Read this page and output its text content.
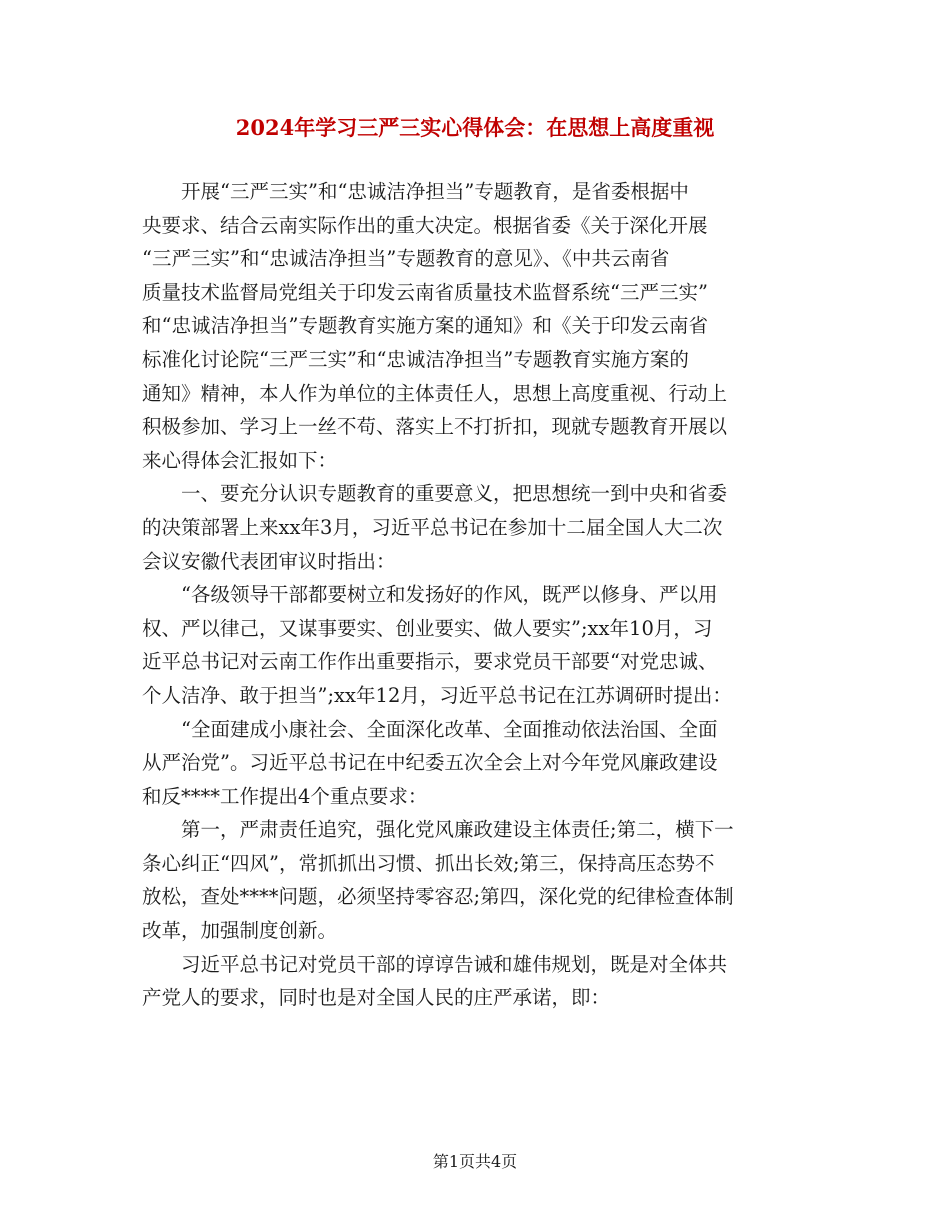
2024年学习三严三实心得体会：在思想上高度重视
　　开展“三严三实”和“忠诚洁净担当”专题教育，是省委根据中
央要求、结合云南实际作出的重大决定。根据省委《关于深化开展
“三严三实”和“忠诚洁净担当”专题教育的意见》、《中共云南省
质量技术监督局党组关于印发云南省质量技术监督系统“三严三实”
和“忠诚洁净担当”专题教育实施方案的通知》和《关于印发云南省
标准化讨论院“三严三实”和“忠诚洁净担当”专题教育实施方案的
通知》精神，本人作为单位的主体责任人，思想上高度重视、行动上
积极参加、学习上一丝不苟、落实上不打折扣，现就专题教育开展以
来心得体会汇报如下：
　　一、要充分认识专题教育的重要意义，把思想统一到中央和省委
的决策部署上来xx年3月，习近平总书记在参加十二届全国人大二次
会议安徽代表团审议时指出：
　　“各级领导干部都要树立和发扬好的作风，既严以修身、严以用
权、严以律己，又谋事要实、创业要实、做人要实”;xx年10月，习
近平总书记对云南工作作出重要指示，要求党员干部要“对党忠诚、
个人洁净、敢于担当”;xx年12月，习近平总书记在江苏调研时提出：
　　“全面建成小康社会、全面深化改革、全面推动依法治国、全面
从严治党”。习近平总书记在中纪委五次全会上对今年党风廉政建设
和反****工作提出4个重点要求：
　　第一，严肃责任追究，强化党风廉政建设主体责任;第二，横下一
条心纠正“四风”，常抓抓出习惯、抓出长效;第三，保持高压态势不
放松，查处****问题，必须坚持零容忍;第四，深化党的纪律检查体制
改革，加强制度创新。
　　习近平总书记对党员干部的谆谆告诫和雄伟规划，既是对全体共
产党人的要求，同时也是对全国人民的庄严承诺，即：
第1页共4页
